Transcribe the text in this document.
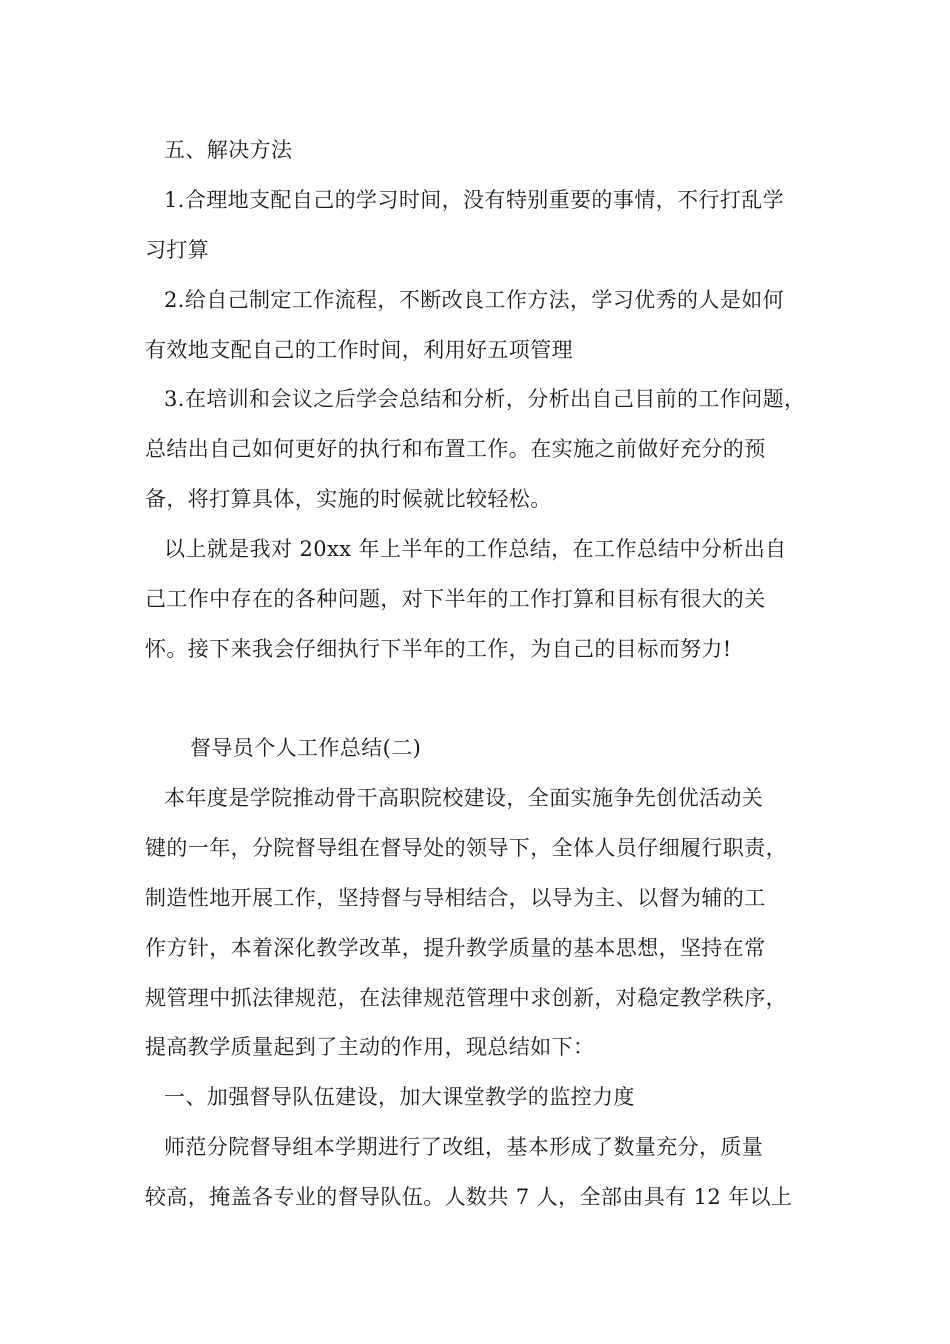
五、解决方法
1.合理地支配自己的学习时间，没有特别重要的事情，不行打乱学
习打算
2.给自己制定工作流程，不断改良工作方法，学习优秀的人是如何
有效地支配自己的工作时间，利用好五项管理
3.在培训和会议之后学会总结和分析，分析出自己目前的工作问题，
总结出自己如何更好的执行和布置工作。在实施之前做好充分的预
备，将打算具体，实施的时候就比较轻松。
以上就是我对 20xx 年上半年的工作总结，在工作总结中分析出自
己工作中存在的各种问题，对下半年的工作打算和目标有很大的关
怀。接下来我会仔细执行下半年的工作，为自己的目标而努力!
督导员个人工作总结(二)
本年度是学院推动骨干高职院校建设，全面实施争先创优活动关
键的一年，分院督导组在督导处的领导下，全体人员仔细履行职责，
制造性地开展工作，坚持督与导相结合，以导为主、以督为辅的工
作方针，本着深化教学改革，提升教学质量的基本思想，坚持在常
规管理中抓法律规范，在法律规范管理中求创新，对稳定教学秩序，
提高教学质量起到了主动的作用，现总结如下：
一、加强督导队伍建设，加大课堂教学的监控力度
师范分院督导组本学期进行了改组，基本形成了数量充分，质量
较高，掩盖各专业的督导队伍。人数共 7 人，全部由具有 12 年以上
